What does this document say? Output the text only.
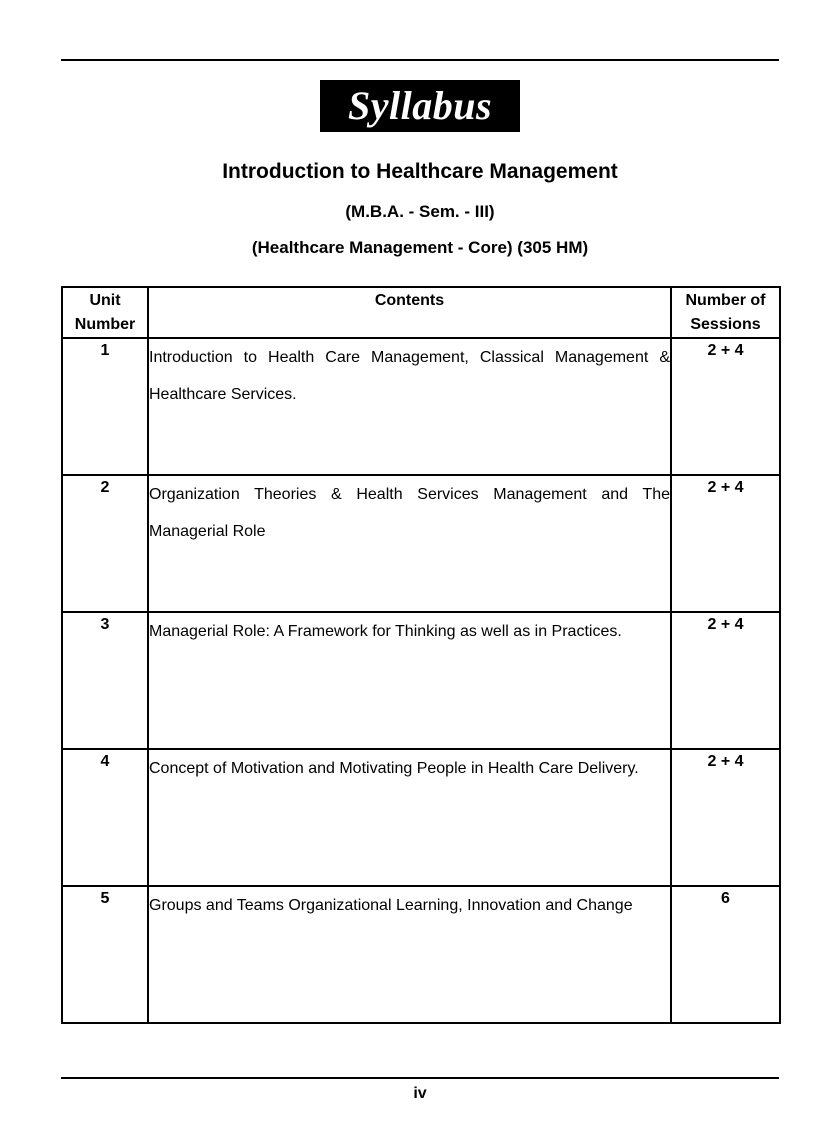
Syllabus
Introduction to Healthcare Management
(M.B.A. - Sem. - III)
(Healthcare Management - Core) (305 HM)
Unit Number	Contents	Number of Sessions
1	Introduction to Health Care Management, Classical Management & Healthcare Services.	2 + 4
2	Organization Theories & Health Services Management and The Managerial Role	2 + 4
3	Managerial Role: A Framework for Thinking as well as in Practices.	2 + 4
4	Concept of Motivation and Motivating People in Health Care Delivery.	2 + 4
5	Groups and Teams Organizational Learning, Innovation and Change	6
iv
